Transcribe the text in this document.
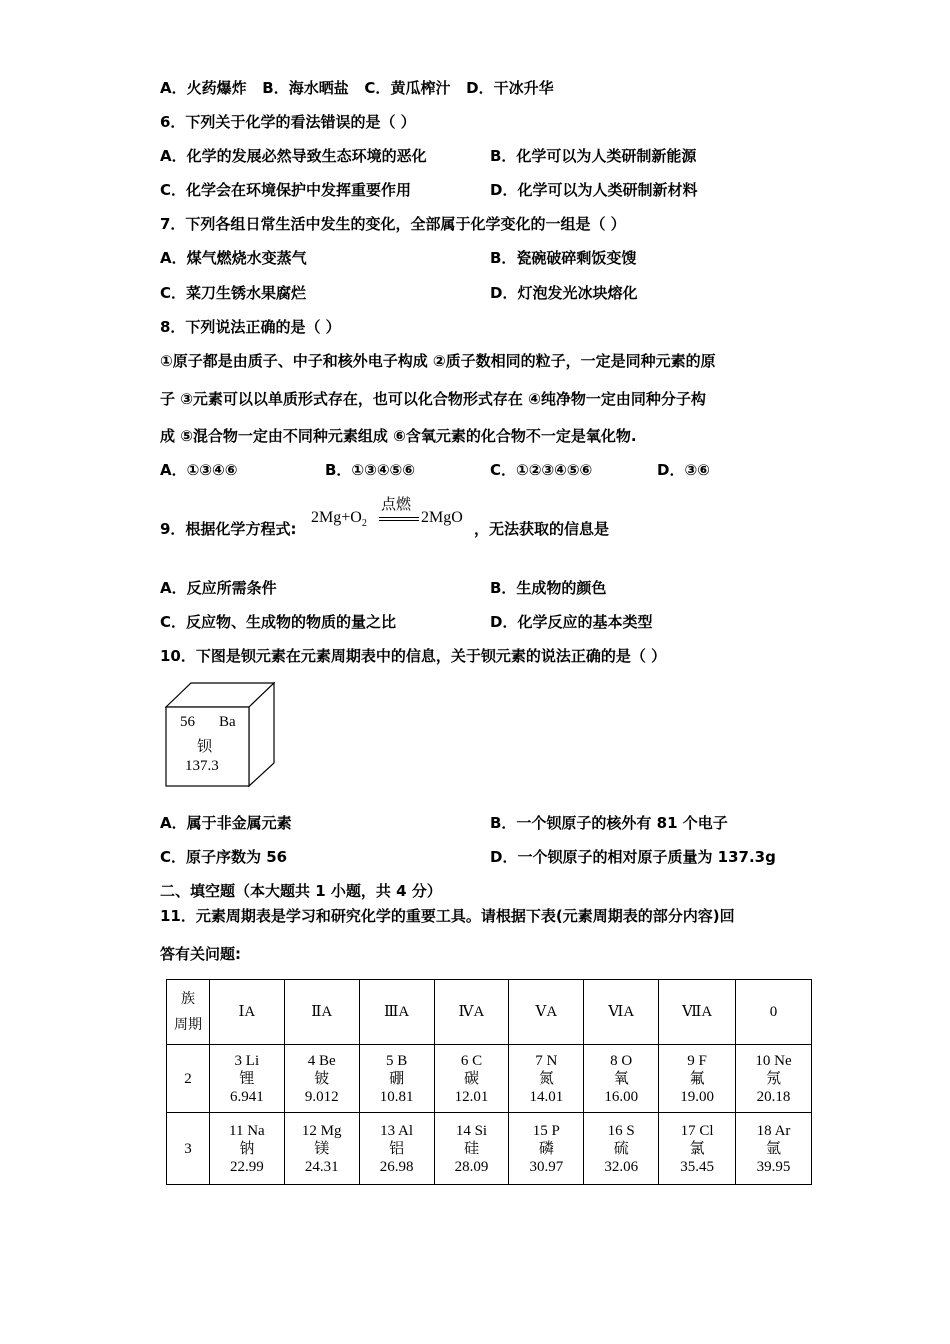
A．火药爆炸 B．海水晒盐 C．黄瓜榨汁 D．干冰升华
6．下列关于化学的看法错误的是（ ）
A．化学的发展必然导致生态环境的恶化	B．化学可以为人类研制新能源
C．化学会在环境保护中发挥重要作用	D．化学可以为人类研制新材料
7．下列各组日常生活中发生的变化，全部属于化学变化的一组是（ ）
A．煤气燃烧水变蒸气	B．瓷碗破碎剩饭变馊
C．菜刀生锈水果腐烂	D．灯泡发光冰块熔化
8．下列说法正确的是（ ）
①原子都是由质子、中子和核外电子构成 ②质子数相同的粒子，一定是同种元素的原
子 ③元素可以以单质形式存在，也可以化合物形式存在 ④纯净物一定由同种分子构
成 ⑤混合物一定由不同种元素组成 ⑥含氧元素的化合物不一定是氧化物.
A．①③④⑥	B．①③④⑤⑥	C．①②③④⑤⑥	D．③⑥
9．根据化学方程式:
$2Mg+O_2$
点燃
2MgO
，无法获取的信息是
A．反应所需条件	B．生成物的颜色
C．反应物、生成物的物质的量之比	D．化学反应的基本类型
10．下图是钡元素在元素周期表中的信息，关于钡元素的说法正确的是（ ）
56 Ba
钡
137.3
A．属于非金属元素	B．一个钡原子的核外有 81 个电子
C．原子序数为 56	D．一个钡原子的相对原子质量为 137.3g
二、填空题（本大题共 1 小题，共 4 分）
11．元素周期表是学习和研究化学的重要工具。请根据下表(元素周期表的部分内容)回
答有关问题:
族
周期	ⅠA	ⅡA	ⅢA	ⅣA	ⅤA	ⅥA	ⅦA	0
2	3 Li
锂
6.941	4 Be
铍
9.012	5 B
硼
10.81	6 C
碳
12.01	7 N
氮
14.01	8 O
氧
16.00	9 F
氟
19.00	10 Ne
氖
20.18

3	11 Na
钠
22.99	12 Mg
镁
24.31	13 Al
铝
26.98	14 Si
硅
28.09	15 P
磷
30.97	16 S
硫
32.06	17 Cl
氯
35.45	18 Ar
氩
39.95
